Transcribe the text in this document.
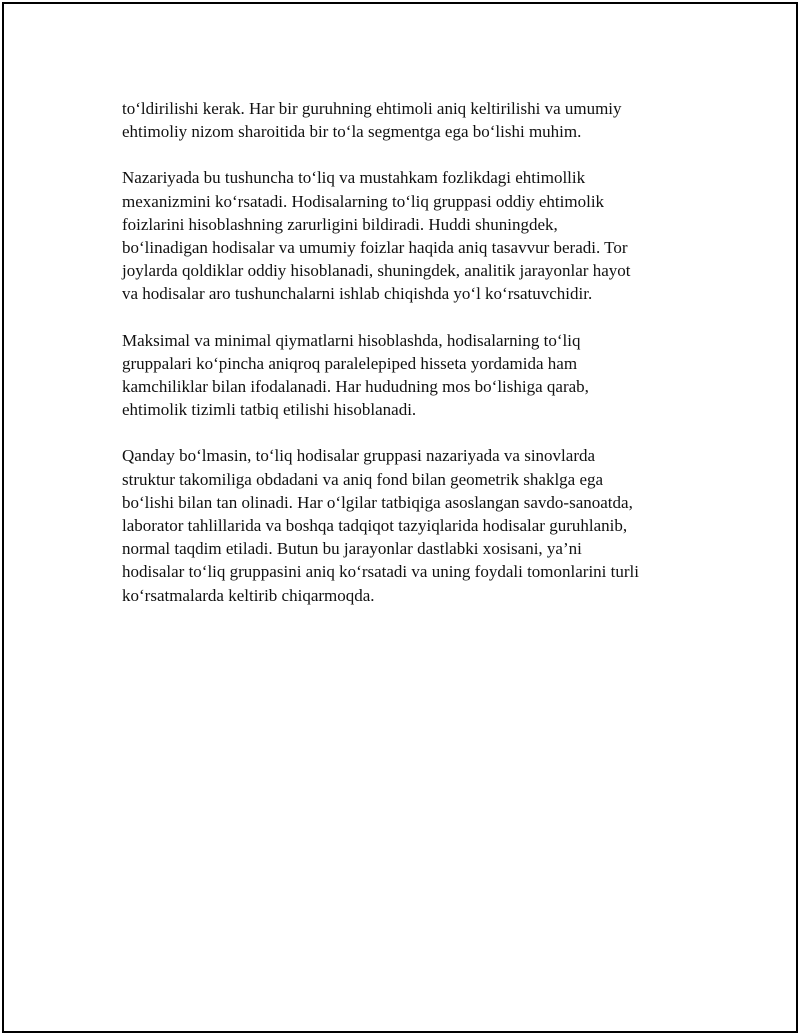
to‘ldirilishi kerak. Har bir guruhning ehtimoli aniq keltirilishi va umumiy
ehtimoliy nizom sharoitida bir to‘la segmentga ega bo‘lishi muhim.

Nazariyada bu tushuncha to‘liq va mustahkam fozlikdagi ehtimollik
mexanizmini ko‘rsatadi. Hodisalarning to‘liq gruppasi oddiy ehtimolik
foizlarini hisoblashning zarurligini bildiradi. Huddi shuningdek,
bo‘linadigan hodisalar va umumiy foizlar haqida aniq tasavvur beradi. Tor
joylarda qoldiklar oddiy hisoblanadi, shuningdek, analitik jarayonlar hayot
va hodisalar aro tushunchalarni ishlab chiqishda yo‘l ko‘rsatuvchidir.

Maksimal va minimal qiymatlarni hisoblashda, hodisalarning to‘liq
gruppalari ko‘pincha aniqroq paralelepiped hisseta yordamida ham
kamchiliklar bilan ifodalanadi. Har hududning mos bo‘lishiga qarab,
ehtimolik tizimli tatbiq etilishi hisoblanadi.

Qanday bo‘lmasin, to‘liq hodisalar gruppasi nazariyada va sinovlarda
struktur takomiliga obdadani va aniq fond bilan geometrik shaklga ega
bo‘lishi bilan tan olinadi. Har o‘lgilar tatbiqiga asoslangan savdo-sanoatda,
laborator tahlillarida va boshqa tadqiqot tazyiqlarida hodisalar guruhlanib,
normal taqdim etiladi. Butun bu jarayonlar dastlabki xosisani, ya’ni
hodisalar to‘liq gruppasini aniq ko‘rsatadi va uning foydali tomonlarini turli
ko‘rsatmalarda keltirib chiqarmoqda.
